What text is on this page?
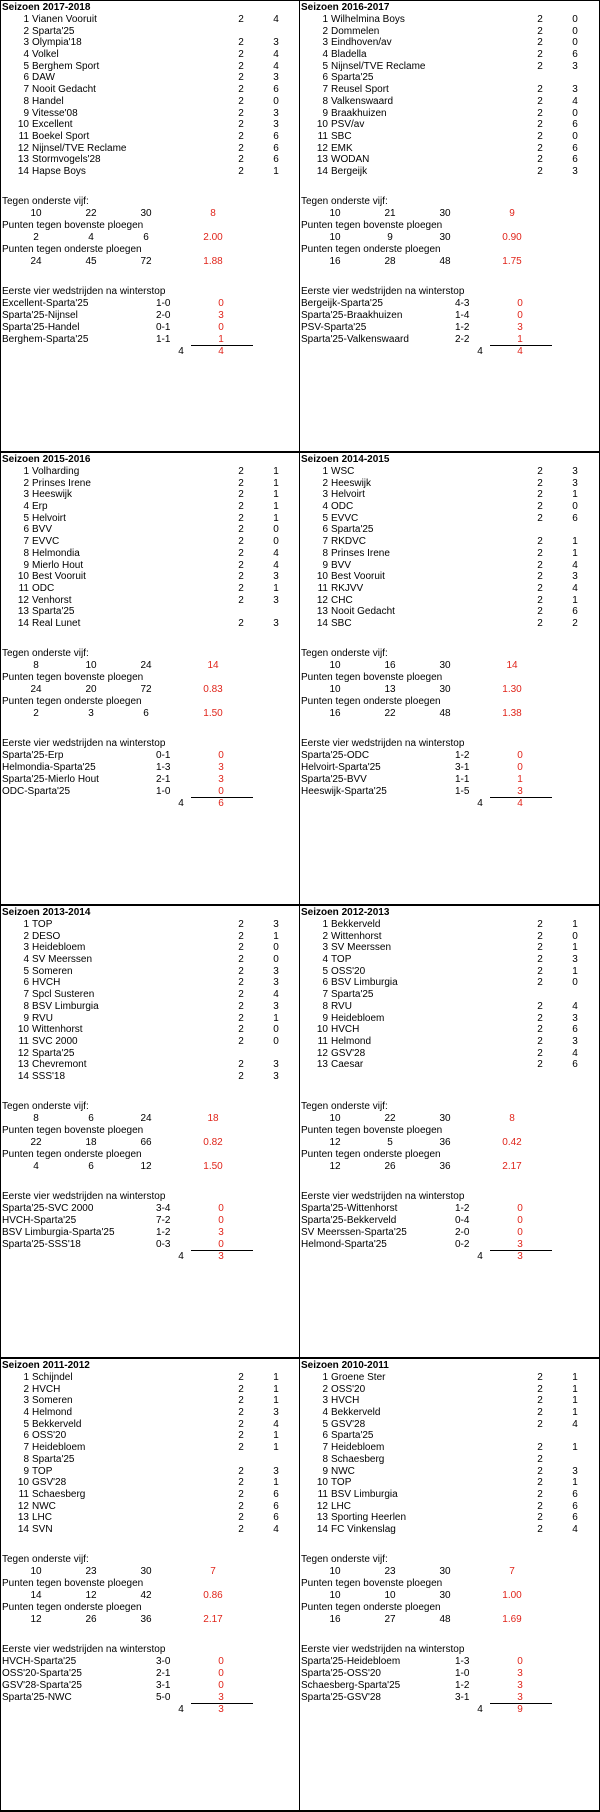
Seizoen 2017-2018
1 Vianen Vooruit	2	4
2 Sparta'25
3 Olympia'18	2	3
4 Volkel	2	4
5 Berghem Sport	2	4
6 DAW	2	3
7 Nooit Gedacht	2	6
8 Handel	2	0
9 Vitesse'08	2	3
10 Excellent	2	3
11 Boekel Sport	2	6
12 Nijnsel/TVE Reclame	2	6
13 Stormvogels'28	2	6
14 Hapse Boys	2	1
Tegen onderste vijf:
10	22	30	8
Punten tegen bovenste ploegen
2	4	6	2.00
Punten tegen onderste ploegen
24	45	72	1.88
Eerste vier wedstrijden na winterstop
Excellent-Sparta'25	1-0	0
Sparta'25-Nijnsel	2-0	3
Sparta'25-Handel	0-1	0
Berghem-Sparta'25	1-1	1
4	4
Seizoen 2016-2017
1 Wilhelmina Boys	2	0
2 Dommelen	2	0
3 Eindhoven/av	2	0
4 Bladella	2	6
5 Nijnsel/TVE Reclame	2	3
6 Sparta'25
7 Reusel Sport	2	3
8 Valkenswaard	2	4
9 Braakhuizen	2	0
10 PSV/av	2	6
11 SBC	2	0
12 EMK	2	6
13 WODAN	2	6
14 Bergeijk	2	3
Tegen onderste vijf:
10	21	30	9
Punten tegen bovenste ploegen
10	9	30	0.90
Punten tegen onderste ploegen
16	28	48	1.75
Eerste vier wedstrijden na winterstop
Bergeijk-Sparta'25	4-3	0
Sparta'25-Braakhuizen	1-4	0
PSV-Sparta'25	1-2	3
Sparta'25-Valkenswaard	2-2	1
4	4
Seizoen 2015-2016
1 Volharding	2	1
2 Prinses Irene	2	1
3 Heeswijk	2	1
4 Erp	2	1
5 Helvoirt	2	1
6 BVV	2	0
7 EVVC	2	0
8 Helmondia	2	4
9 Mierlo Hout	2	4
10 Best Vooruit	2	3
11 ODC	2	1
12 Venhorst	2	3
13 Sparta'25
14 Real Lunet	2	3
Tegen onderste vijf:
8	10	24	14
Punten tegen bovenste ploegen
24	20	72	0.83
Punten tegen onderste ploegen
2	3	6	1.50
Eerste vier wedstrijden na winterstop
Sparta'25-Erp	0-1	0
Helmondia-Sparta'25	1-3	3
Sparta'25-Mierlo Hout	2-1	3
ODC-Sparta'25	1-0	0
4	6
Seizoen 2014-2015
1 WSC	2	3
2 Heeswijk	2	3
3 Helvoirt	2	1
4 ODC	2	0
5 EVVC	2	6
6 Sparta'25
7 RKDVC	2	1
8 Prinses Irene	2	1
9 BVV	2	4
10 Best Vooruit	2	3
11 RKJVV	2	4
12 CHC	2	1
13 Nooit Gedacht	2	6
14 SBC	2	2
Tegen onderste vijf:
10	16	30	14
Punten tegen bovenste ploegen
10	13	30	1.30
Punten tegen onderste ploegen
16	22	48	1.38
Eerste vier wedstrijden na winterstop
Sparta'25-ODC	1-2	0
Helvoirt-Sparta'25	3-1	0
Sparta'25-BVV	1-1	1
Heeswijk-Sparta'25	1-5	3
4	4
Seizoen 2013-2014
1 TOP	2	3
2 DESO	2	1
3 Heidebloem	2	0
4 SV Meerssen	2	0
5 Someren	2	3
6 HVCH	2	3
7 Spcl Susteren	2	4
8 BSV Limburgia	2	3
9 RVU	2	1
10 Wittenhorst	2	0
11 SVC 2000	2	0
12 Sparta'25
13 Chevremont	2	3
14 SSS'18	2	3
Tegen onderste vijf:
8	6	24	18
Punten tegen bovenste ploegen
22	18	66	0.82
Punten tegen onderste ploegen
4	6	12	1.50
Eerste vier wedstrijden na winterstop
Sparta'25-SVC 2000	3-4	0
HVCH-Sparta'25	7-2	0
BSV Limburgia-Sparta'25	1-2	3
Sparta'25-SSS'18	0-3	0
4	3
Seizoen 2012-2013
1 Bekkerveld	2	1
2 Wittenhorst	2	0
3 SV Meerssen	2	1
4 TOP	2	3
5 OSS'20	2	1
6 BSV Limburgia	2	0
7 Sparta'25
8 RVU	2	4
9 Heidebloem	2	3
10 HVCH	2	6
11 Helmond	2	3
12 GSV'28	2	4
13 Caesar	2	6
Tegen onderste vijf:
10	22	30	8
Punten tegen bovenste ploegen
12	5	36	0.42
Punten tegen onderste ploegen
12	26	36	2.17
Eerste vier wedstrijden na winterstop
Sparta'25-Wittenhorst	1-2	0
Sparta'25-Bekkerveld	0-4	0
SV Meerssen-Sparta'25	2-0	0
Helmond-Sparta'25	0-2	3
4	3
Seizoen 2011-2012
1 Schijndel	2	1
2 HVCH	2	1
3 Someren	2	1
4 Helmond	2	3
5 Bekkerveld	2	4
6 OSS'20	2	1
7 Heidebloem	2	1
8 Sparta'25
9 TOP	2	3
10 GSV'28	2	1
11 Schaesberg	2	6
12 NWC	2	6
13 LHC	2	6
14 SVN	2	4
Tegen onderste vijf:
10	23	30	7
Punten tegen bovenste ploegen
14	12	42	0.86
Punten tegen onderste ploegen
12	26	36	2.17
Eerste vier wedstrijden na winterstop
HVCH-Sparta'25	3-0	0
OSS'20-Sparta'25	2-1	0
GSV'28-Sparta'25	3-1	0
Sparta'25-NWC	5-0	3
4	3
Seizoen 2010-2011
1 Groene Ster	2	1
2 OSS'20	2	1
3 HVCH	2	1
4 Bekkerveld	2	1
5 GSV'28	2	4
6 Sparta'25
7 Heidebloem	2	1
8 Schaesberg	2
9 NWC	2	3
10 TOP	2	1
11 BSV Limburgia	2	6
12 LHC	2	6
13 Sporting Heerlen	2	6
14 FC Vinkenslag	2	4
Tegen onderste vijf:
10	23	30	7
Punten tegen bovenste ploegen
10	10	30	1.00
Punten tegen onderste ploegen
16	27	48	1.69
Eerste vier wedstrijden na winterstop
Sparta'25-Heidebloem	1-3	0
Sparta'25-OSS'20	1-0	3
Schaesberg-Sparta'25	1-2	3
Sparta'25-GSV'28	3-1	3
4	9
